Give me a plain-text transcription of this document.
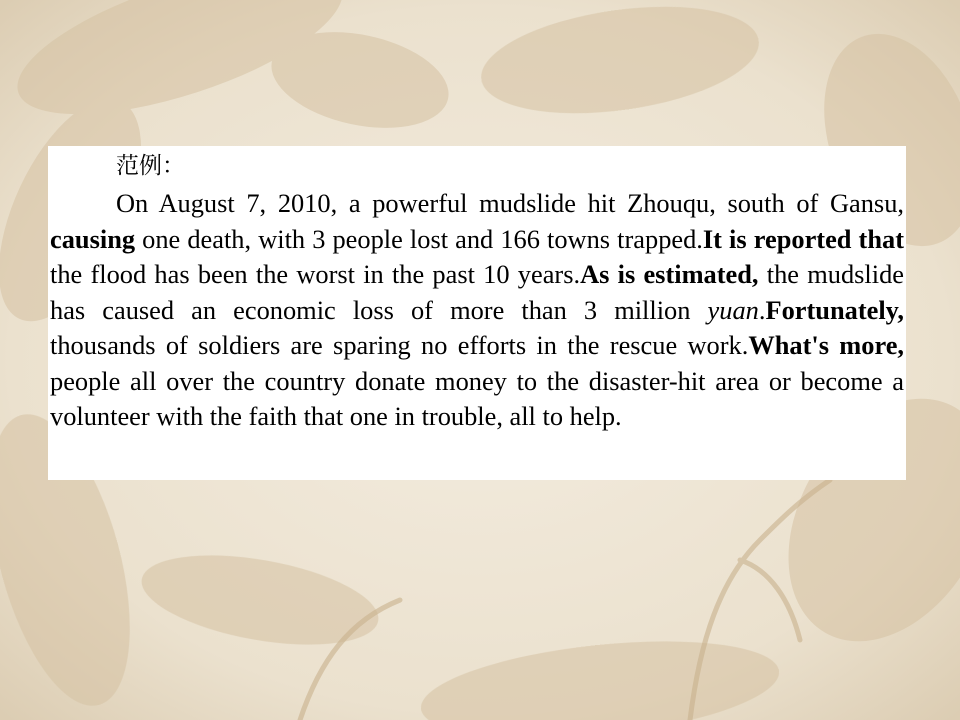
范例：

On August 7, 2010, a powerful mudslide hit Zhouqu, south of Gansu, causing one death, with 3 people lost and 166 towns trapped.It is reported that the flood has been the worst in the past 10 years.As is estimated, the mudslide has caused an economic loss of more than 3 million yuan.Fortunately, thousands of soldiers are sparing no efforts in the rescue work.What's more, people all over the country donate money to the disaster-hit area or become a volunteer with the faith that one in trouble, all to help.
